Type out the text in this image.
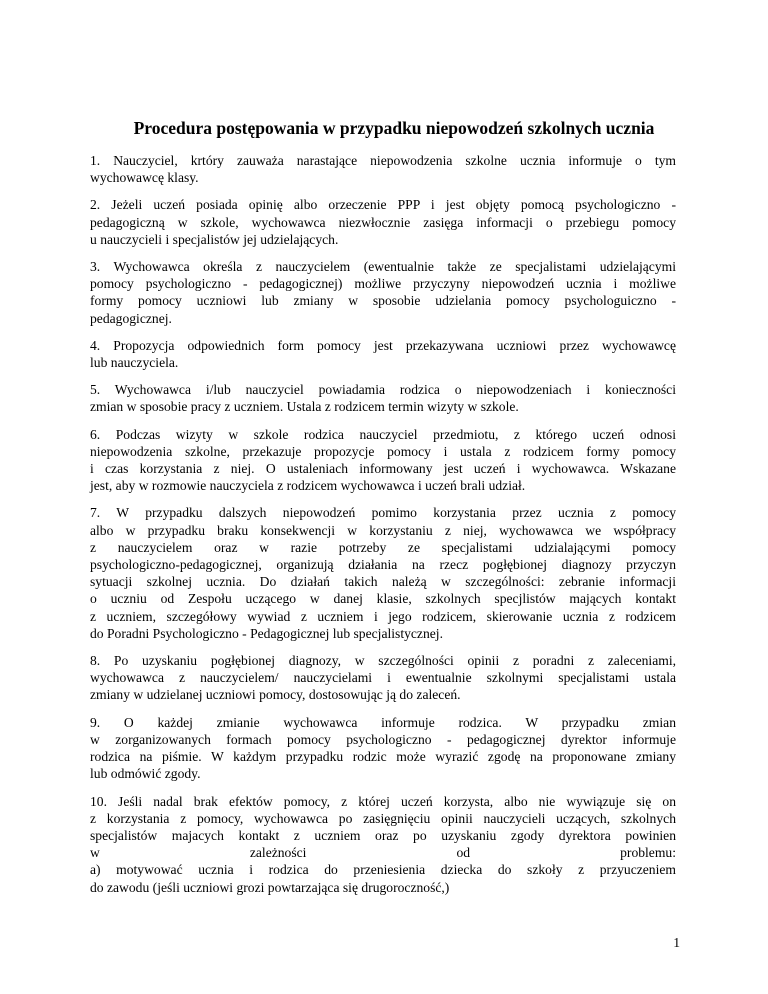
Procedura postępowania w przypadku niepowodzeń szkolnych ucznia

1. Nauczyciel, krtóry zauważa narastające niepowodzenia szkolne ucznia informuje o tym
wychowawcę klasy.

2. Jeżeli uczeń posiada opinię albo orzeczenie PPP i jest objęty pomocą psychologiczno -
pedagogiczną w szkole, wychowawca niezwłocznie zasięga informacji o przebiegu pomocy
u nauczycieli i specjalistów jej udzielających.

3. Wychowawca określa z nauczycielem (ewentualnie także ze specjalistami udzielającymi
pomocy psychologiczno - pedagogicznej) możliwe przyczyny niepowodzeń ucznia i możliwe
formy pomocy uczniowi lub zmiany w sposobie udzielania pomocy psychologuiczno -
pedagogicznej.

4. Propozycja odpowiednich form pomocy jest przekazywana uczniowi przez wychowawcę
lub nauczyciela.

5. Wychowawca i/lub nauczyciel powiadamia rodzica o niepowodzeniach i konieczności
zmian w sposobie pracy z uczniem. Ustala z rodzicem termin wizyty w szkole.

6. Podczas wizyty w szkole rodzica nauczyciel przedmiotu, z którego uczeń odnosi
niepowodzenia szkolne, przekazuje propozycje pomocy i ustala z rodzicem formy pomocy
i czas korzystania z niej. O ustaleniach informowany jest uczeń i wychowawca. Wskazane
jest, aby w rozmowie nauczyciela z rodzicem wychowawca i uczeń brali udział.

7. W przypadku dalszych niepowodzeń pomimo korzystania przez ucznia z pomocy
albo w przypadku braku konsekwencji w korzystaniu z niej, wychowawca we współpracy
z nauczycielem oraz w razie potrzeby ze specjalistami udzialającymi pomocy
psychologiczno-pedagogicznej, organizują działania na rzecz pogłębionej diagnozy przyczyn
sytuacji szkolnej ucznia. Do działań takich należą w szczególności: zebranie informacji
o uczniu od Zespołu uczącego w danej klasie, szkolnych specjlistów mających kontakt
z uczniem, szczegółowy wywiad z uczniem i jego rodzicem, skierowanie ucznia z rodzicem
do Poradni Psychologiczno - Pedagogicznej lub specjalistycznej.

8. Po uzyskaniu pogłębionej diagnozy, w szczególności opinii z poradni z zaleceniami,
wychowawca z nauczycielem/ nauczycielami i ewentualnie szkolnymi specjalistami ustala
zmiany w udzielanej uczniowi pomocy, dostosowując ją do zaleceń.

9. O każdej zmianie wychowawca informuje rodzica. W przypadku zmian
w zorganizowanych formach pomocy psychologiczno - pedagogicznej dyrektor informuje
rodzica na piśmie. W każdym przypadku rodzic może wyrazić zgodę na proponowane zmiany
lub odmówić zgody.

10. Jeśli nadal brak efektów pomocy, z której uczeń korzysta, albo nie wywiązuje się on
z korzystania z pomocy, wychowawca po zasięgnięciu opinii nauczycieli uczących, szkolnych
specjalistów majacych kontakt z uczniem oraz po uzyskaniu zgody dyrektora powinien
w zależności od problemu:
a) motywować ucznia i rodzica do przeniesienia dziecka do szkoły z przyuczeniem
do zawodu (jeśli uczniowi grozi powtarzająca się drugoroczność,)

1
